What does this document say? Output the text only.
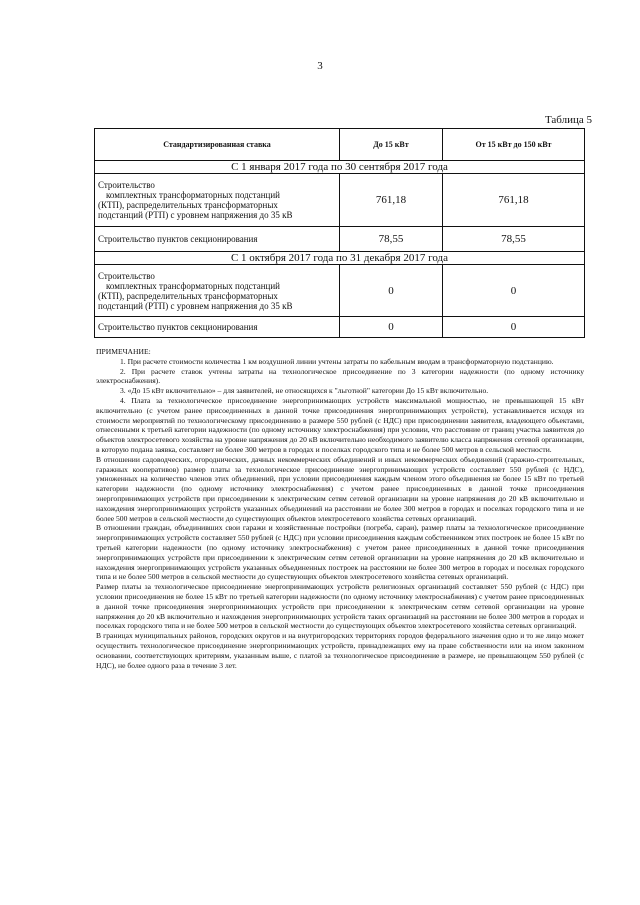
3
Таблица 5
Стандартизированная ставка	До 15 кВт	От 15 кВт до 150 кВт
С 1 января 2017 года по 30 сентября 2017 года		

Строительство
комплектных трансформаторных подстанций
(КТП), распределительных трансформаторных
подстанций (РТП) с уровнем напряжения до 35 кВ	761,18	761,18
Строительство пунктов секционирования	78,55	78,55
С 1 октября 2017 года по 31 декабря 2017 года		

Строительство
комплектных трансформаторных подстанций
(КТП), распределительных трансформаторных
подстанций (РТП) с уровнем напряжения до 35 кВ	0	0
Строительство пунктов секционирования	0	0

ПРИМЕЧАНИЕ:

1. При расчете стоимости количества 1 км воздушной линии учтены затраты по кабельным вводам в трансформаторную подстанцию.

2. При расчете ставок учтены затраты на технологическое присоединение по 3 категории надежности (по одному источнику электроснабжения).

3. «До 15 кВт включительно» – для заявителей, не относящихся к "льготной" категории До 15 кВт включительно.

4. Плата за технологическое присоединение энергопринимающих устройств максимальной мощностью, не превышающей 15 кВт включительно (с учетом ранее присоединенных в данной точке присоединения энергопринимающих устройств), устанавливается исходя из стоимости мероприятий по технологическому присоединению в размере 550 рублей (с НДС) при присоединении заявителя, владеющего объектами, отнесенными к третьей категории надежности (по одному источнику электроснабжения) при условии, что расстояние от границ участка заявителя до объектов электросетевого хозяйства на уровне напряжения до 20 кВ включительно необходимого заявителю класса напряжения сетевой организации, в которую подана заявка, составляет не более 300 метров в городах и поселках городского типа и не более 500 метров в сельской местности.

В отношении садоводческих, огороднических, дачных некоммерческих объединений и иных некоммерческих объединений (гаражно-строительных, гаражных кооперативов) размер платы за технологическое присоединение энергопринимающих устройств составляет 550 рублей (с НДС), умноженных на количество членов этих объединений, при условии присоединения каждым членом этого объединения не более 15 кВт по третьей категории надежности (по одному источнику электроснабжения) с учетом ранее присоединенных в данной точке присоединения энергопринимающих устройств при присоединении к электрическим сетям сетевой организации на уровне напряжения до 20 кВ включительно и нахождения энергопринимающих устройств указанных объединений на расстоянии не более 300 метров в городах и поселках городского типа и не более 500 метров в сельской местности до существующих объектов электросетевого хозяйства сетевых организаций.

В отношении граждан, объединивших свои гаражи и хозяйственные постройки (погреба, сараи), размер платы за технологическое присоединение энергопринимающих устройств составляет 550 рублей (с НДС) при условии присоединения каждым собственником этих построек не более 15 кВт по третьей категории надежности (по одному источнику электроснабжения) с учетом ранее присоединенных в данной точке присоединения энергопринимающих устройств при присоединении к электрическим сетям сетевой организации на уровне напряжения до 20 кВ включительно и нахождения энергопринимающих устройств указанных объединенных построек на расстоянии не более 300 метров в городах и поселках городского типа и не более 500 метров в сельской местности до существующих объектов электросетевого хозяйства сетевых организаций.

Размер платы за технологическое присоединение энергопринимающих устройств религиозных организаций составляет 550 рублей (с НДС) при условии присоединения не более 15 кВт по третьей категории надежности (по одному источнику электроснабжения) с учетом ранее присоединенных в данной точке присоединения энергопринимающих устройств при присоединении к электрическим сетям сетевой организации на уровне напряжения до 20 кВ включительно и нахождения энергопринимающих устройств таких организаций на расстоянии не более 300 метров в городах и поселках городского типа и не более 500 метров в сельской местности до существующих объектов электросетевого хозяйства сетевых организаций.

В границах муниципальных районов, городских округов и на внутригородских территориях городов федерального значения одно и то же лицо может осуществить технологическое присоединение энергопринимающих устройств, принадлежащих ему на праве собственности или на ином законном основании, соответствующих критериям, указанным выше, с платой за технологическое присоединение в размере, не превышающем 550 рублей (с НДС), не более одного раза в течение 3 лет.
